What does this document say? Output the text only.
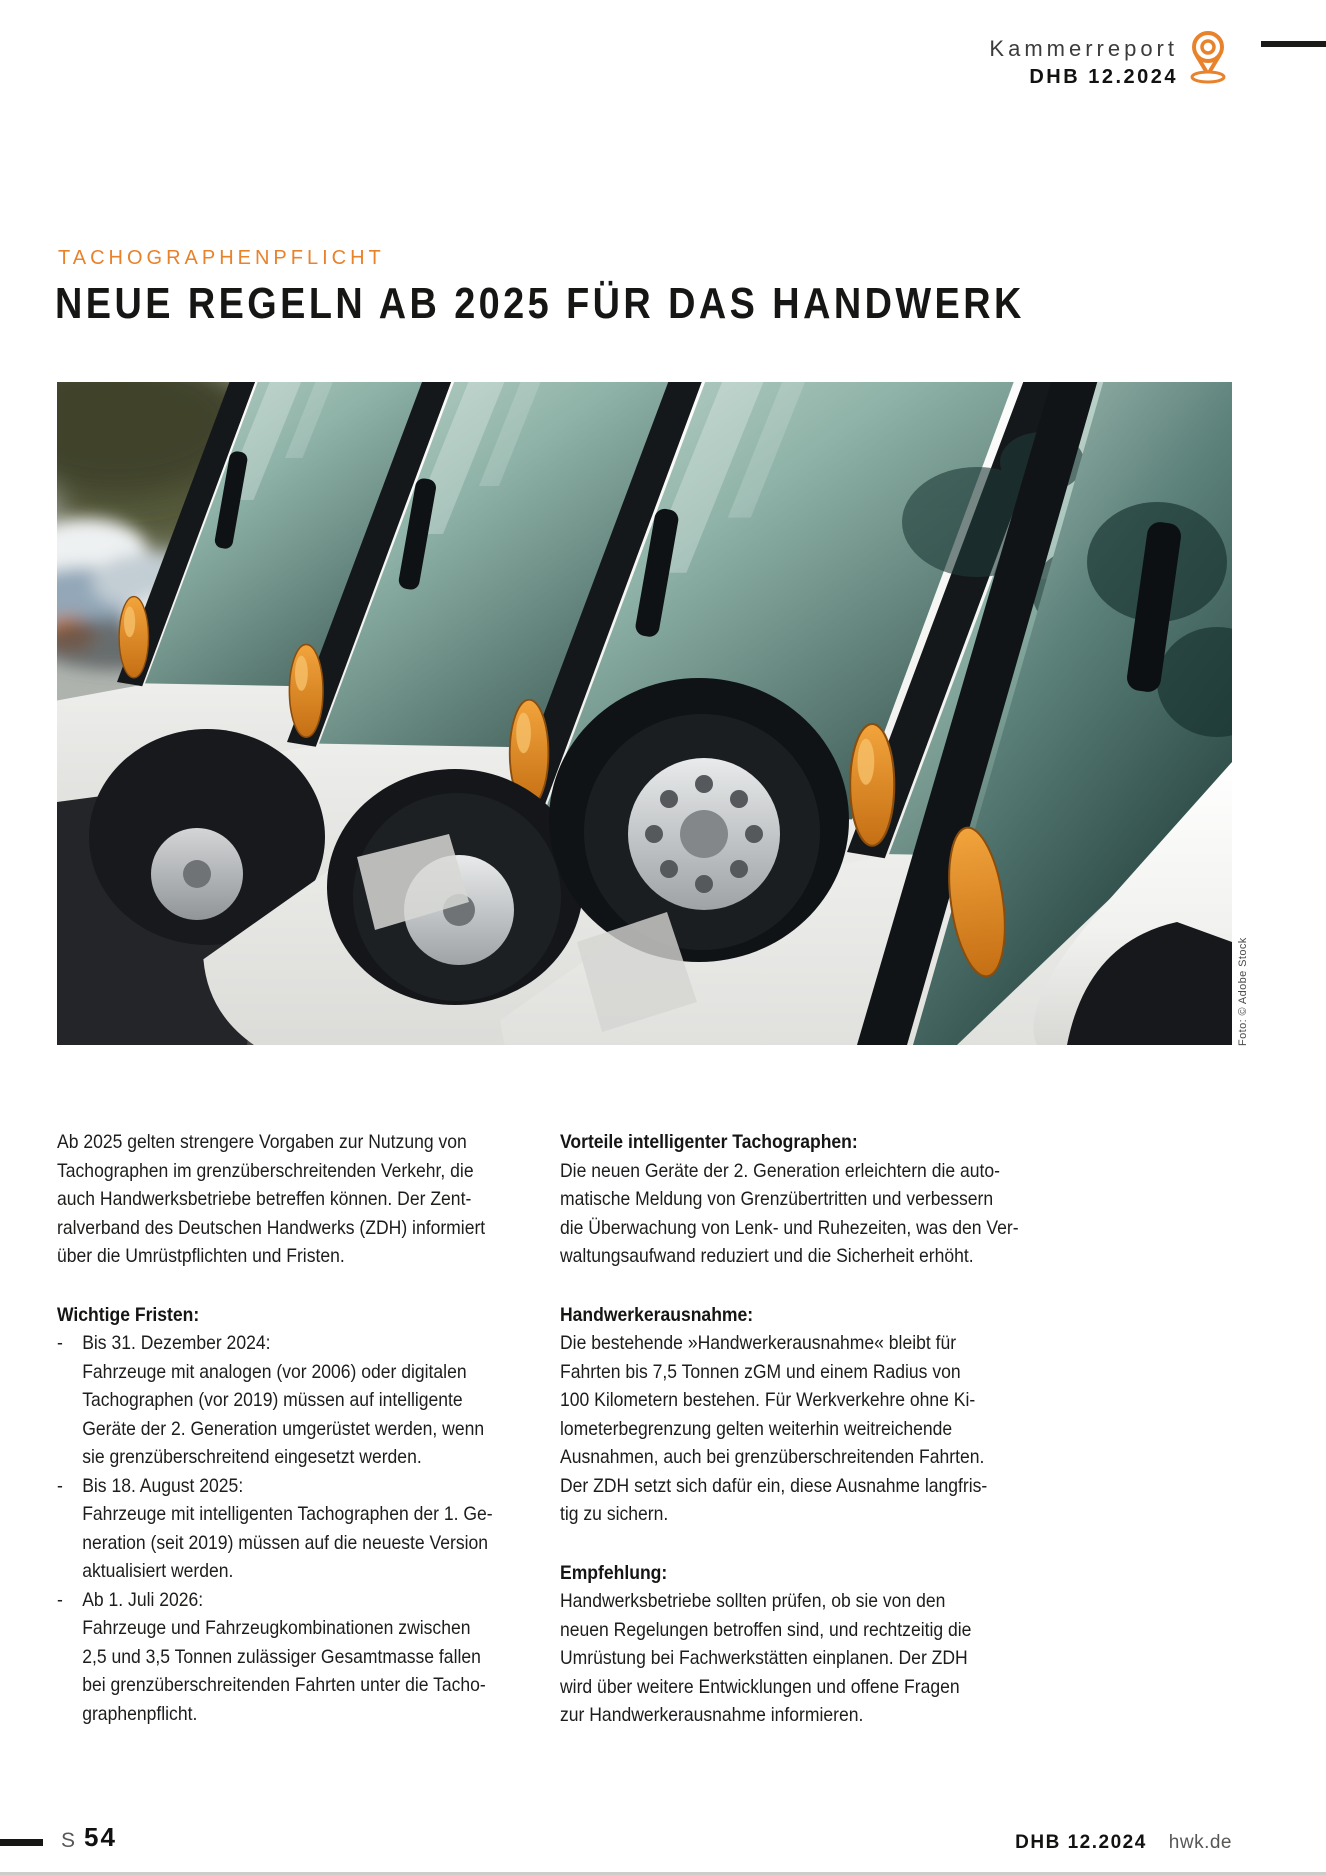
Kammerreport
DHB 12.2024
TACHOGRAPHENPFLICHT
NEUE REGELN AB 2025 FÜR DAS HANDWERK
Foto: © Adobe Stock
Ab 2025 gelten strengere Vorgaben zur Nutzung von
Tachographen im grenzüberschreitenden Verkehr, die
auch Handwerksbetriebe betreffen können. Der Zent-
ralverband des Deutschen Handwerks (ZDH) informiert
über die Umrüstpflichten und Fristen.
Wichtige Fristen:
- Bis 31. Dezember 2024:
Fahrzeuge mit analogen (vor 2006) oder digitalen
Tachographen (vor 2019) müssen auf intelligente
Geräte der 2. Generation umgerüstet werden, wenn
sie grenzüberschreitend eingesetzt werden.
- Bis 18. August 2025:
Fahrzeuge mit intelligenten Tachographen der 1. Ge-
neration (seit 2019) müssen auf die neueste Version
aktualisiert werden.
- Ab 1. Juli 2026:
Fahrzeuge und Fahrzeugkombinationen zwischen
2,5 und 3,5 Tonnen zulässiger Gesamtmasse fallen
bei grenzüberschreitenden Fahrten unter die Tacho-
graphenpflicht.
Vorteile intelligenter Tachographen:
Die neuen Geräte der 2. Generation erleichtern die auto-
matische Meldung von Grenzübertritten und verbessern
die Überwachung von Lenk- und Ruhezeiten, was den Ver-
waltungsaufwand reduziert und die Sicherheit erhöht.
Handwerkerausnahme:
Die bestehende »Handwerkerausnahme« bleibt für
Fahrten bis 7,5 Tonnen zGM und einem Radius von
100 Kilometern bestehen. Für Werkverkehre ohne Ki-
lometerbegrenzung gelten weiterhin weitreichende
Ausnahmen, auch bei grenzüberschreitenden Fahrten.
Der ZDH setzt sich dafür ein, diese Ausnahme langfris-
tig zu sichern.
Empfehlung:
Handwerksbetriebe sollten prüfen, ob sie von den
neuen Regelungen betroffen sind, und rechtzeitig die
Umrüstung bei Fachwerkstätten einplanen. Der ZDH
wird über weitere Entwicklungen und offene Fragen
zur Handwerkerausnahme informieren.
S 54	DHB 12.2024 hwk.de
